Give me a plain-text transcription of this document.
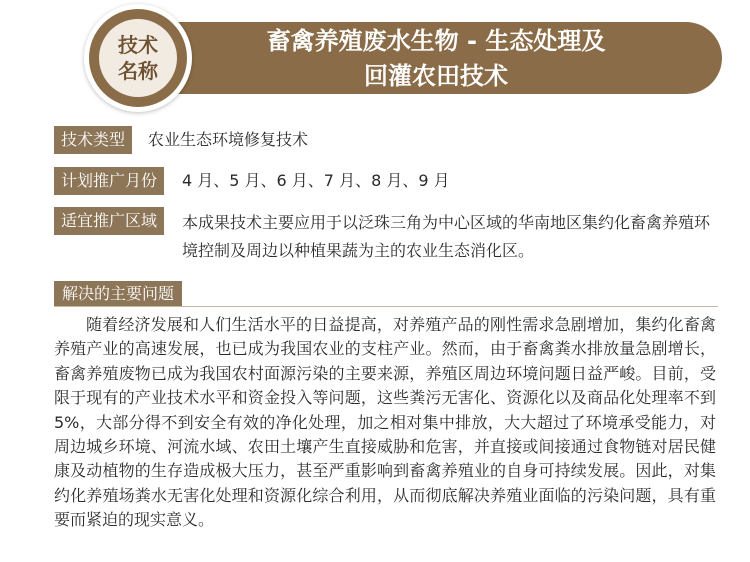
畜禽养殖废水生物 - 生态处理及
回灌农田技术
技术
名称
技术类型	农业生态环境修复技术
计划推广月份	4 月、5 月、6 月、7 月、8 月、9 月
适宜推广区域	本成果技术主要应用于以泛珠三角为中心区域的华南地区集约化畜禽养殖环境控制及周边以种植果蔬为主的农业生态消化区。
解决的主要问题

随着经济发展和人们生活水平的日益提高，对养殖产品的刚性需求急剧增加，集约化畜禽养殖产业的高速发展，也已成为我国农业的支柱产业。然而，由于畜禽粪水排放量急剧增长，畜禽养殖废物已成为我国农村面源污染的主要来源，养殖区周边环境问题日益严峻。目前，受限于现有的产业技术水平和资金投入等问题，这些粪污无害化、资源化以及商品化处理率不到 5%，大部分得不到安全有效的净化处理，加之相对集中排放，大大超过了环境承受能力，对周边城乡环境、河流水域、农田土壤产生直接威胁和危害，并直接或间接通过食物链对居民健康及动植物的生存造成极大压力，甚至严重影响到畜禽养殖业的自身可持续发展。因此，对集约化养殖场粪水无害化处理和资源化综合利用，从而彻底解决养殖业面临的污染问题，具有重要而紧迫的现实意义。
